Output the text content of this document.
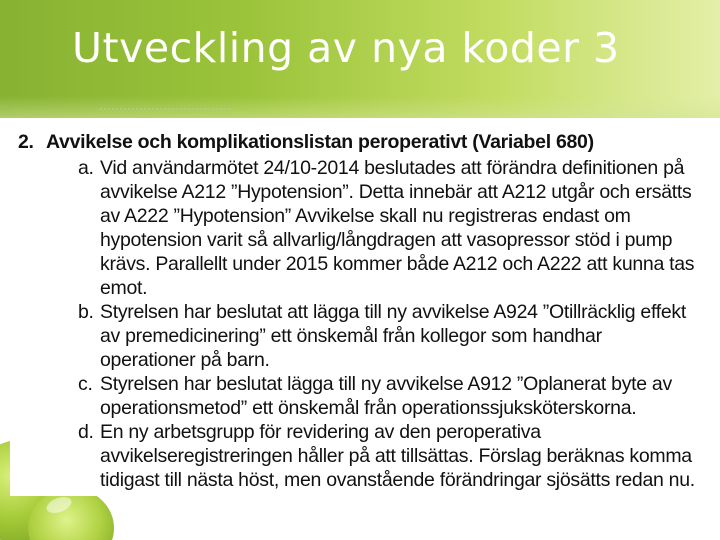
Utveckling av nya koder 3
2. Avvikelse och komplikationslistan peroperativt (Variabel 680)
a. Vid användarmötet 24/10-2014 beslutades att förändra definitionen på
avvikelse A212 ”Hypotension”. Detta innebär att A212 utgår och ersätts
av A222 ”Hypotension” Avvikelse skall nu registreras endast om
hypotension varit så allvarlig/långdragen att vasopressor stöd i pump
krävs. Parallellt under 2015 kommer både A212 och A222 att kunna tas
emot.
b. Styrelsen har beslutat att lägga till ny avvikelse A924 ”Otillräcklig effekt
av premedicinering” ett önskemål från kollegor som handhar
operationer på barn.
c. Styrelsen har beslutat lägga till ny avvikelse A912 ”Oplanerat byte av
operationsmetod” ett önskemål från operationssjuksköterskorna.
d. En ny arbetsgrupp för revidering av den peroperativa
avvikelseregistreringen håller på att tillsättas. Förslag beräknas komma
tidigast till nästa höst, men ovanstående förändringar sjösätts redan nu.
